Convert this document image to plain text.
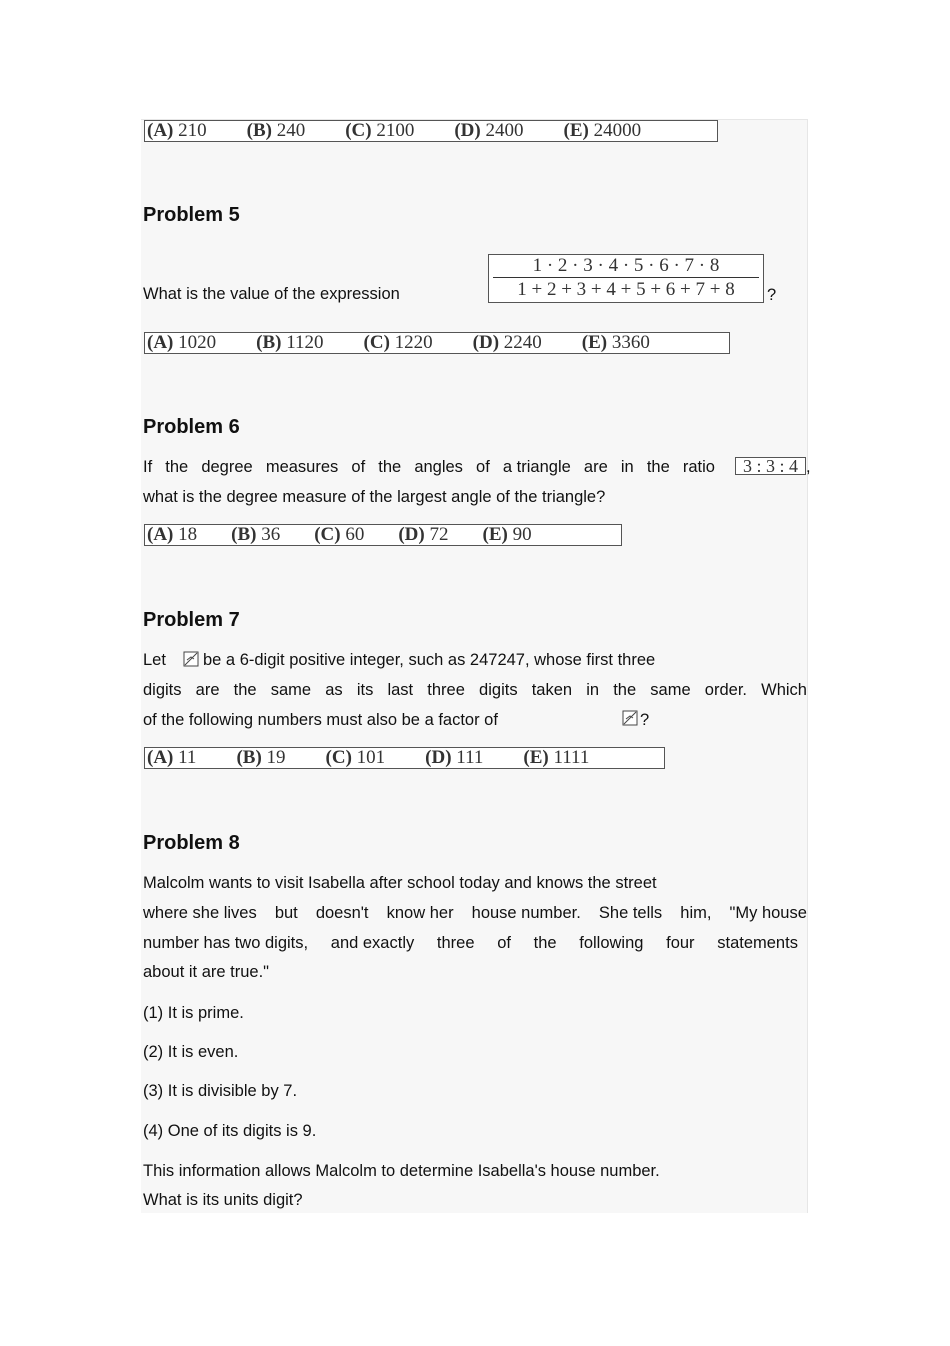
(A) 210 (B) 240 (C) 2100 (D) 2400 (E) 24000
Problem 5
What is the value of the expression
1 · 2 · 3 · 4 · 5 · 6 · 7 · 8
1 + 2 + 3 + 4 + 5 + 6 + 7 + 8	?
(A) 1020 (B) 1120 (C) 1220 (D) 2240 (E) 3360
Problem 6
If the degree measures of the angles of a triangle are in the ratio	3 : 3 : 4 ,
what is the degree measure of the largest angle of the triangle?
(A) 18 (B) 36 (C) 60 (D) 72 (E) 90
Problem 7
Let be a 6-digit positive integer, such as 247247, whose first three
digits are the same as its last three digits taken in the same order. Which
of the following numbers must also be a factor of	?
(A) 11 (B) 19 (C) 101 (D) 111 (E) 1111
Problem 8
Malcolm wants to visit Isabella after school today and knows the street
where she lives but doesn't know her house number. She tells him, "My house
number has two digits, and exactly three of the following four statements
about it are true."
(1) It is prime.
(2) It is even.
(3) It is divisible by 7.
(4) One of its digits is 9.
This information allows Malcolm to determine Isabella's house number.
What is its units digit?
